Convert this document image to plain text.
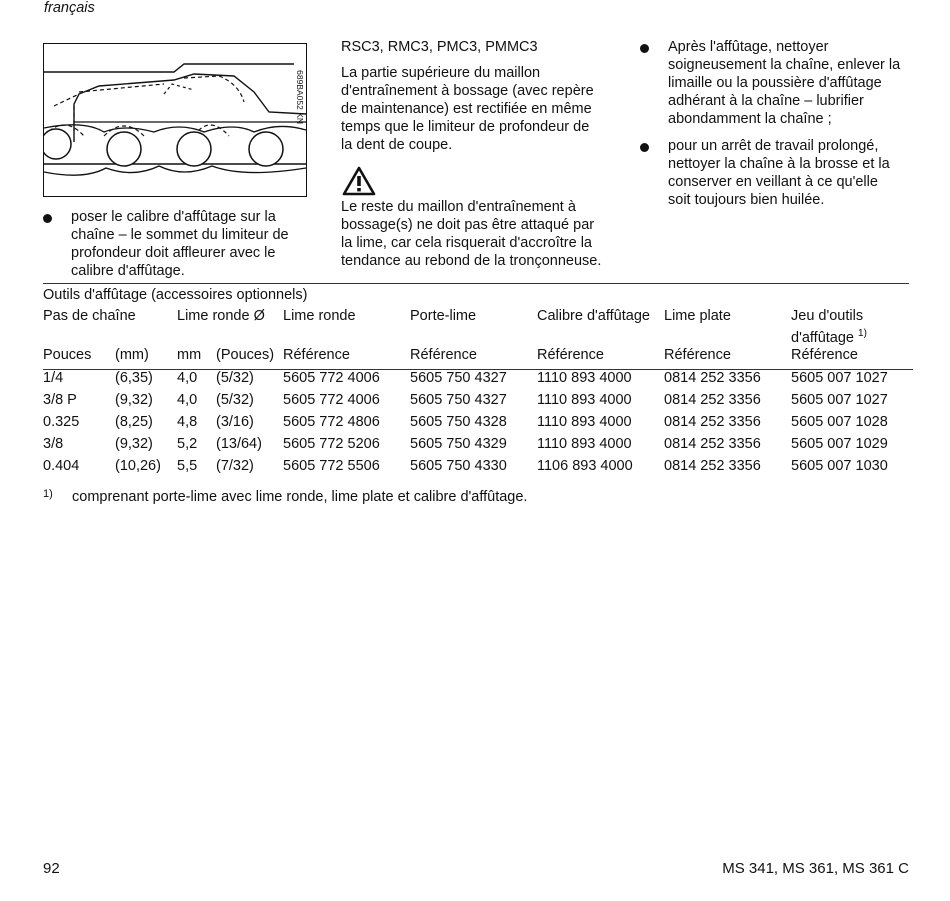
français
689BA052 KN
poser le calibre d'affûtage sur la
chaîne – le sommet du limiteur de
profondeur doit affleurer avec le
calibre d'affûtage.
RSC3, RMC3, PMC3, PMMC3
La partie supérieure du maillon
d'entraînement à bossage (avec repère
de maintenance) est rectifiée en même
temps que le limiteur de profondeur de
la dent de coupe.
Le reste du maillon d'entraînement à
bossage(s) ne doit pas être attaqué par
la lime, car cela risquerait d'accroître la
tendance au rebond de la tronçonneuse.
Après l'affûtage, nettoyer
soigneusement la chaîne, enlever la
limaille ou la poussière d'affûtage
adhérant à la chaîne – lubrifier
abondamment la chaîne ;
pour un arrêt de travail prolongé,
nettoyer la chaîne à la brosse et la
conserver en veillant à ce qu'elle
soit toujours bien huilée.
Outils d'affûtage (accessoires optionnels)
Pas de chaîne		Lime ronde Ø		Lime ronde	Porte-lime	Calibre d'affûtage	Lime plate	Jeu d'outils
d'affûtage $^{1)}$
Pouces	(mm)	mm	(Pouces)	Référence	Référence	Référence	Référence	Référence
1/4	(6,35)	4,0	(5/32)	5605 772 4006	5605 750 4327	1110 893 4000	0814 252 3356	5605 007 1027
3/8 P	(9,32)	4,0	(5/32)	5605 772 4006	5605 750 4327	1110 893 4000	0814 252 3356	5605 007 1027
0.325	(8,25)	4,8	(3/16)	5605 772 4806	5605 750 4328	1110 893 4000	0814 252 3356	5605 007 1028
3/8	(9,32)	5,2	(13/64)	5605 772 5206	5605 750 4329	1110 893 4000	0814 252 3356	5605 007 1029
0.404	(10,26)	5,5	(7/32)	5605 772 5506	5605 750 4330	1106 893 4000	0814 252 3356	5605 007 1030
1) comprenant porte-lime avec lime ronde, lime plate et calibre d'affûtage.
92	MS 341, MS 361, MS 361 C
